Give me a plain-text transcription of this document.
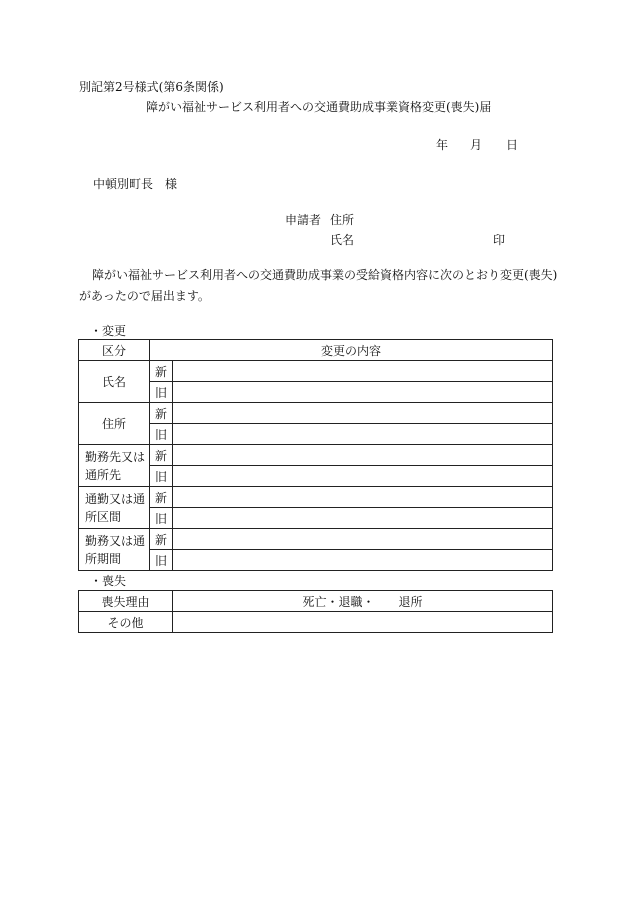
別記第2号様式(第6条関係)
障がい福祉サービス利用者への交通費助成事業資格変更(喪失)届
年 月 日
中頓別町長　様
申請者 住所
氏名	印
障がい福祉サービス利用者への交通費助成事業の受給資格内容に次のとおり変更(喪失)
があったので届出ます。
・変更
区分	変更の内容	
氏名	新	
	旧	
住所	新	
	旧	
勤務先又は
通所先	新	
	旧	
通勤又は通
所区間	新	
	旧	
勤務又は通
所期間	新	
	旧	
・喪失
喪失理由	死亡・退職・　　退所
その他	
